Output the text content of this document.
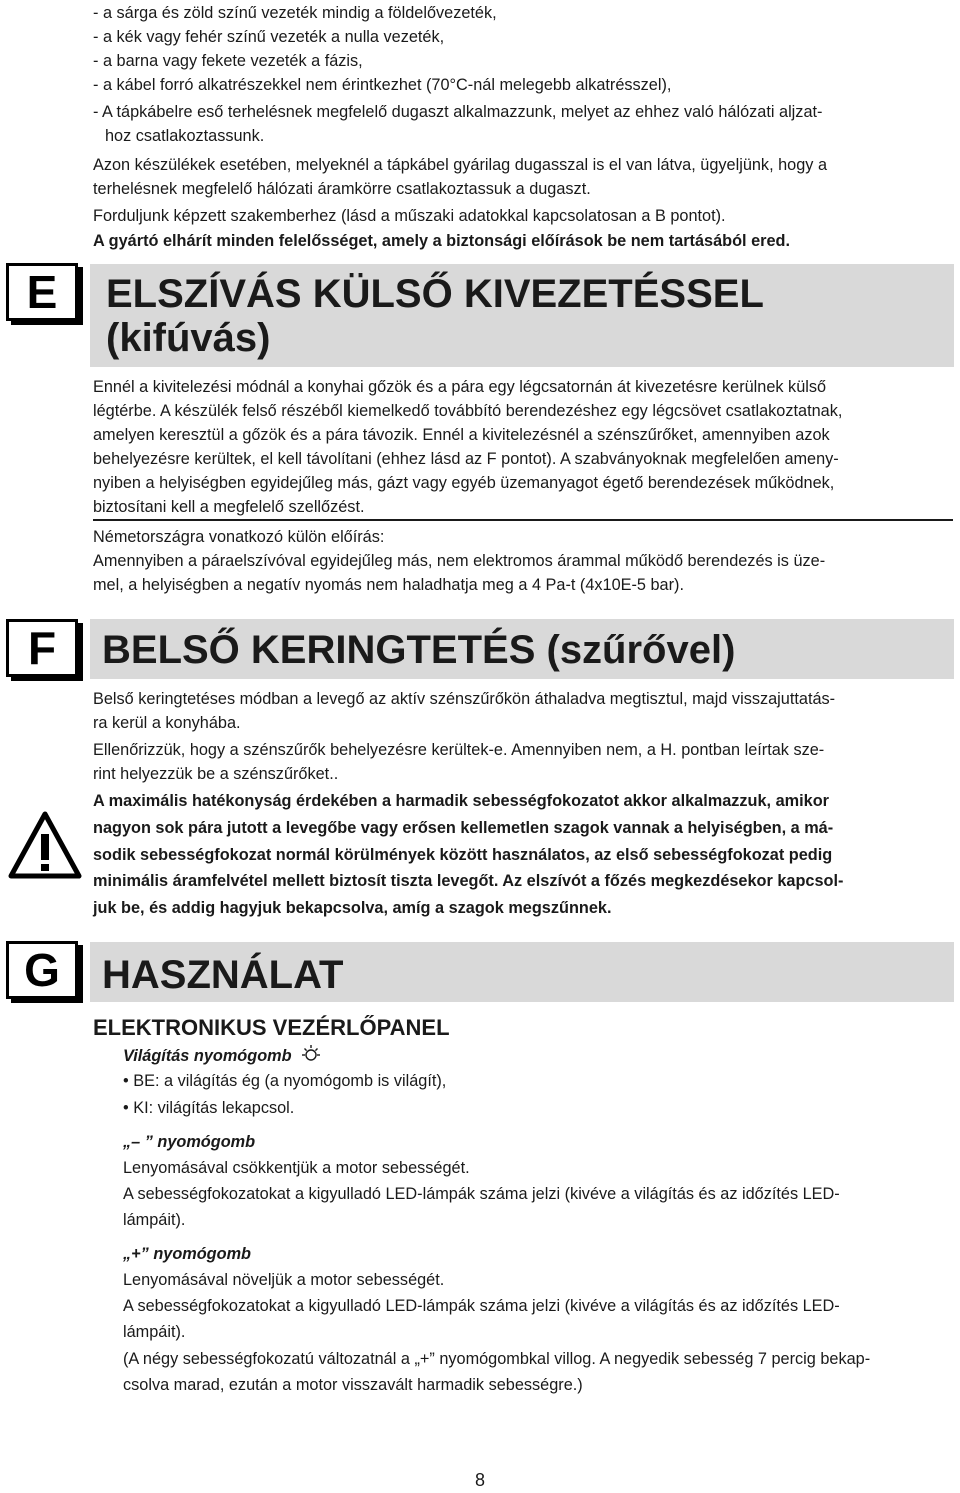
- a sárga és zöld színű vezeték mindig a földelővezeték,
- a kék vagy fehér színű vezeték a nulla vezeték,
- a barna vagy fekete vezeték a fázis,
- a kábel forró alkatrészekkel nem érintkezhet (70°C-nál melegebb alkatrésszel),
- A tápkábelre eső terhelésnek megfelelő dugaszt alkalmazzunk, melyet az ehhez való hálózati aljzat-
hoz csatlakoztassunk.
Azon készülékek esetében, melyeknél a tápkábel gyárilag dugasszal is el van látva, ügyeljünk, hogy a
terhelésnek megfelelő hálózati áramkörre csatlakoztassuk a dugaszt.
Forduljunk képzett szakemberhez (lásd a műszaki adatokkal kapcsolatosan a B pontot).
A gyártó elhárít minden felelősséget, amely a biztonsági előírások be nem tartásából ered.
E	ELSZÍVÁS KÜLSŐ KIVEZETÉSSEL
(kifúvás)
Ennél a kivitelezési módnál a konyhai gőzök és a pára egy légcsatornán át kivezetésre kerülnek külső
légtérbe. A készülék felső részéből kiemelkedő továbbító berendezéshez egy légcsövet csatlakoztatnak,
amelyen keresztül a gőzök és a pára távozik. Ennél a kivitelezésnél a szénszűrőket, amennyiben azok
behelyezésre kerültek, el kell távolítani (ehhez lásd az F pontot). A szabványoknak megfelelően ameny-
nyiben a helyiségben egyidejűleg más, gázt vagy egyéb üzemanyagot égető berendezések működnek,
biztosítani kell a megfelelő szellőzést.
Németországra vonatkozó külön előírás:
Amennyiben a páraelszívóval egyidejűleg más, nem elektromos árammal működő berendezés is üze-
mel, a helyiségben a negatív nyomás nem haladhatja meg a 4 Pa-t (4x10E-5 bar).
F	BELSŐ KERINGTETÉS (szűrővel)
Belső keringtetéses módban a levegő az aktív szénszűrőkön áthaladva megtisztul, majd visszajuttatás-
ra kerül a konyhába.
Ellenőrizzük, hogy a szénszűrők behelyezésre kerültek-e. Amennyiben nem, a H. pontban leírtak sze-
rint helyezzük be a szénszűrőket..
A maximális hatékonyság érdekében a harmadik sebességfokozatot akkor alkalmazzuk, amikor
nagyon sok pára jutott a levegőbe vagy erősen kellemetlen szagok vannak a helyiségben, a má-
sodik sebességfokozat normál körülmények között használatos, az első sebességfokozat pedig
minimális áramfelvétel mellett biztosít tiszta levegőt. Az elszívót a főzés megkezdésekor kapcsol-
juk be, és addig hagyjuk bekapcsolva, amíg a szagok megszűnnek.
G	HASZNÁLAT
ELEKTRONIKUS VEZÉRLŐPANEL
Világítás nyomógomb
• BE: a világítás ég (a nyomógomb is világít),
• KI: világítás lekapcsol.
„– ” nyomógomb
Lenyomásával csökkentjük a motor sebességét.
A sebességfokozatokat a kigyulladó LED-lámpák száma jelzi (kivéve a világítás és az időzítés LED-
lámpáit).
„+” nyomógomb
Lenyomásával növeljük a motor sebességét.
A sebességfokozatokat a kigyulladó LED-lámpák száma jelzi (kivéve a világítás és az időzítés LED-
lámpáit).
(A négy sebességfokozatú változatnál a „+” nyomógombkal villog. A negyedik sebesség 7 percig bekap-
csolva marad, ezután a motor visszavált harmadik sebességre.)
8
